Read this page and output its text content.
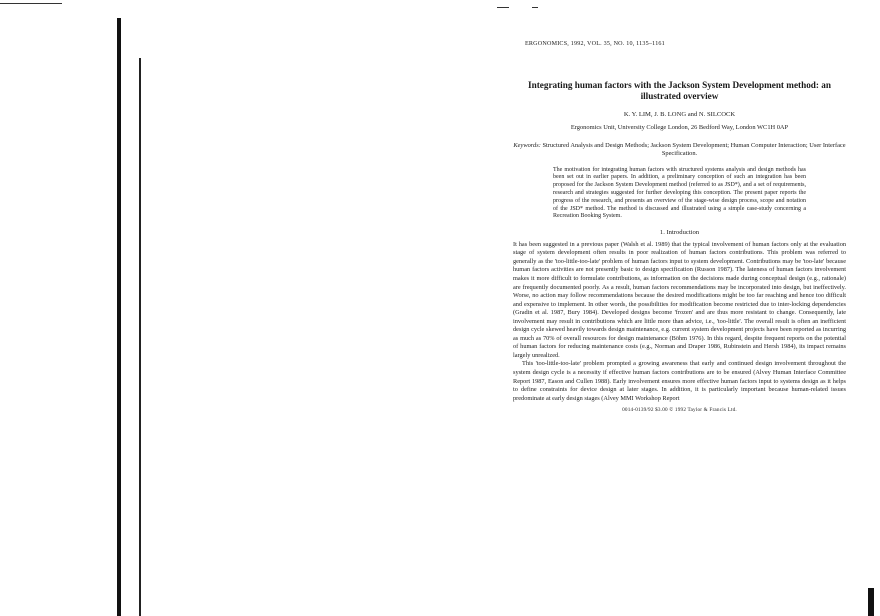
ERGONOMICS, 1992, VOL. 35, NO. 10, 1135–1161
Integrating human factors with the Jackson System Development method: an illustrated overview
K. Y. LIM, J. B. LONG and N. SILCOCK
Ergonomics Unit, University College London, 26 Bedford Way, London WC1H 0AP
Keywords: Structured Analysis and Design Methods; Jackson System Development; Human Computer Interaction; User Interface Specification.
The motivation for integrating human factors with structured systems analysis and design methods has been set out in earlier papers. In addition, a preliminary conception of such an integration has been proposed for the Jackson System Development method (referred to as JSD*), and a set of requirements, research and strategies suggested for further developing this conception. The present paper reports the progress of the research, and presents an overview of the stage-wise design process, scope and notation of the JSD* method. The method is discussed and illustrated using a simple case-study concerning a Recreation Booking System.
1. Introduction

It has been suggested in a previous paper (Walsh et al. 1989) that the typical involvement of human factors only at the evaluation stage of system development often results in poor realization of human factors contributions. This problem was referred to generally as the 'too-little-too-late' problem of human factors input to system development. Contributions may be 'too-late' because human factors activities are not presently basic to design specification (Russon 1987). The lateness of human factors involvement makes it more difficult to formulate contributions, as information on the decisions made during conceptual design (e.g., rationale) are frequently documented poorly. As a result, human factors recommendations may be incorporated into design, but ineffectively. Worse, no action may follow recommendations because the desired modifications might be too far reaching and hence too difficult and expensive to implement. In other words, the possibilities for modification become restricted due to inter-locking dependencies (Gradin et al. 1987, Bury 1984). Developed designs become 'frozen' and are thus more resistant to change. Consequently, late involvement may result in contributions which are little more than advice, i.e., 'too-little'. The overall result is often an inefficient design cycle skewed heavily towards design maintenance, e.g. current system development projects have been reported as incurring as much as 70% of overall resources for design maintenance (Böhm 1976). In this regard, despite frequent reports on the potential of human factors for reducing maintenance costs (e.g., Norman and Draper 1986, Rubinstein and Hersh 1984), its impact remains largely unrealized.

This 'too-little-too-late' problem prompted a growing awareness that early and continued design involvement throughout the system design cycle is a necessity if effective human factors contributions are to be ensured (Alvey Human Interface Committee Report 1987, Eason and Cullen 1988). Early involvement ensures more effective human factors input to systems design as it helps to define constraints for device design at later stages. In addition, it is particularly important because human-related issues predominate at early design stages (Alvey MMI Workshop Report

0014-0139/92 $3.00 © 1992 Taylor & Francis Ltd.
